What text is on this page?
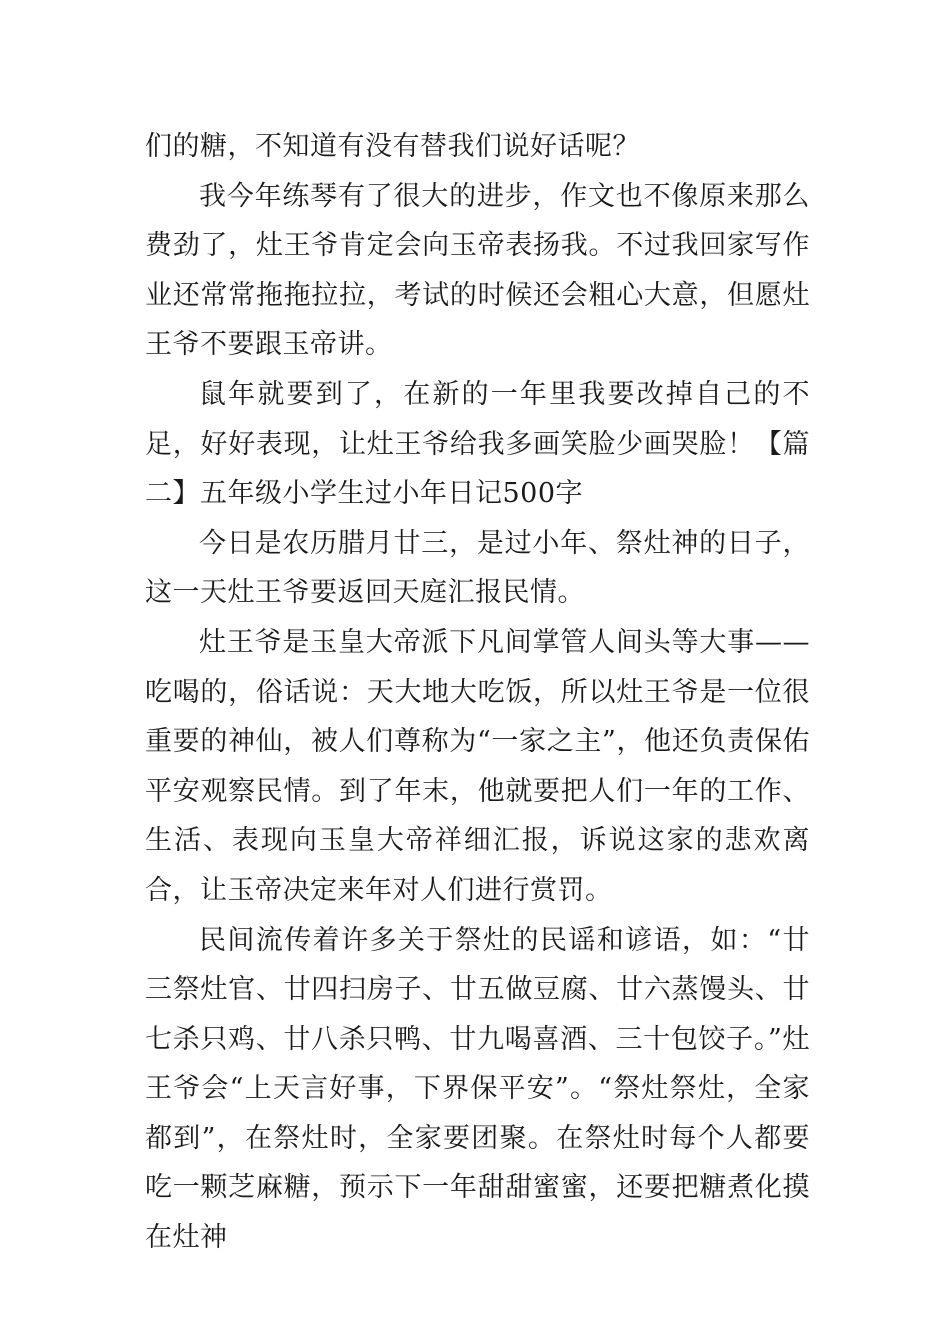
们的糖，不知道有没有替我们说好话呢？

我今年练琴有了很大的进步，作文也不像原来那么费劲了，灶王爷肯定会向玉帝表扬我。不过我回家写作业还常常拖拖拉拉，考试的时候还会粗心大意，但愿灶王爷不要跟玉帝讲。

鼠年就要到了，在新的一年里我要改掉自己的不足，好好表现，让灶王爷给我多画笑脸少画哭脸！【篇二】五年级小学生过小年日记500字

今日是农历腊月廿三，是过小年、祭灶神的日子，这一天灶王爷要返回天庭汇报民情。

灶王爷是玉皇大帝派下凡间掌管人间头等大事——吃喝的，俗话说：天大地大吃饭，所以灶王爷是一位很重要的神仙，被人们尊称为“一家之主”，他还负责保佑平安观察民情。到了年末，他就要把人们一年的工作、生活、表现向玉皇大帝祥细汇报，诉说这家的悲欢离合，让玉帝决定来年对人们进行赏罚。

民间流传着许多关于祭灶的民谣和谚语，如：“廿三祭灶官、廿四扫房子、廿五做豆腐、廿六蒸馒头、廿七杀只鸡、廿八杀只鸭、廿九喝喜酒、三十包饺子。”灶王爷会“上天言好事，下界保平安”。“祭灶祭灶，全家都到”，在祭灶时，全家要团聚。在祭灶时每个人都要吃一颗芝麻糖，预示下一年甜甜蜜蜜，还要把糖煮化摸在灶神
